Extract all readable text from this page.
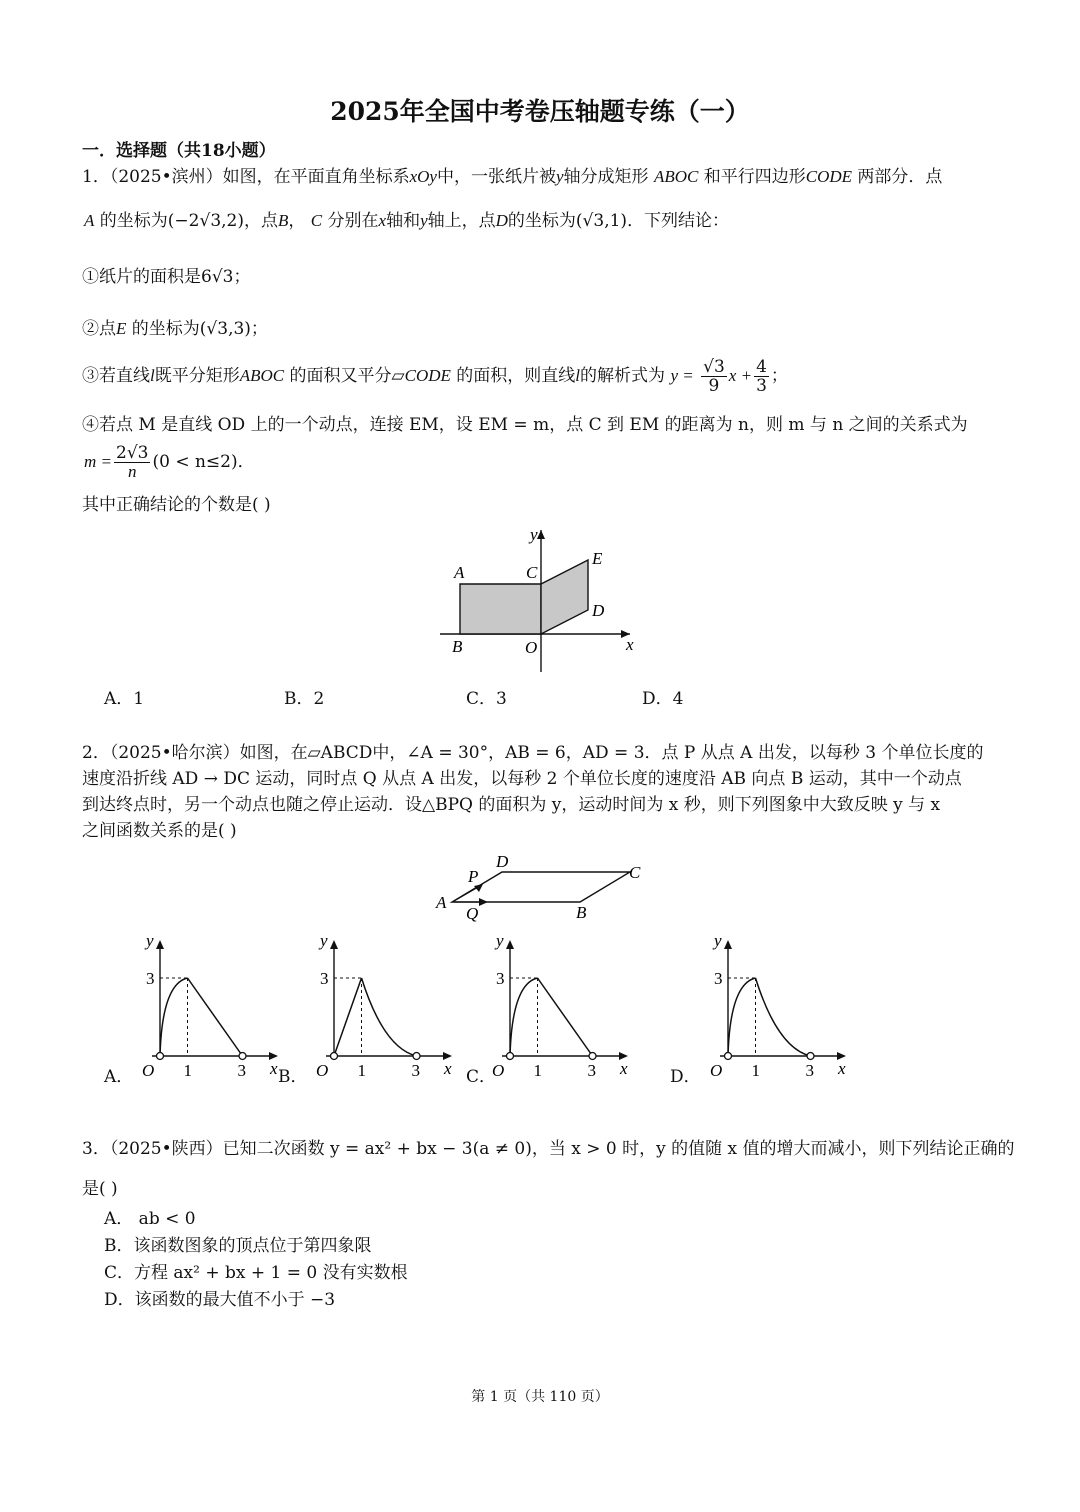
2025年全国中考卷压轴题专练（一）
一．选择题（共18小题）
1．（2025•滨州）如图，在平面直角坐标系xOy中，一张纸片被y轴分成矩形 ABOC 和平行四边形CODE 两部分．点
A 的坐标为(−2√3,2)，点B， C 分别在x轴和y轴上，点D的坐标为(√3,1)．下列结论：
①纸片的面积是6√3；
②点E 的坐标为(√3,3)；
③若直线l既平分矩形ABOC 的面积又平分▱CODE 的面积，则直线l的解析式为 $y = \frac{√3}{9}$ $x + \frac{4}{3}$ ；
④若点 M 是直线 OD 上的一个动点，连接 EM，设 EM = m，点 C 到 EM 的距离为 n，则 m 与 n 之间的关系式为
$m = \frac{2√3}{n} (0 < n\le 2)$．
其中正确结论的个数是( )
y
x
A
B
C
D
E
O
A．1	B．2	C．3	D．4
2．（2025•哈尔滨）如图，在▱ABCD中，∠A = 30°，AB = 6，AD = 3．点 P 从点 A 出发，以每秒 3 个单位长度的
速度沿折线 AD → DC 运动，同时点 Q 从点 A 出发，以每秒 2 个单位长度的速度沿 AB 向点 B 运动，其中一个动点
到达终点时，另一个动点也随之停止运动．设△BPQ 的面积为 y，运动时间为 x 秒，则下列图象中大致反映 y 与 x
之间函数关系的是( )
A
B
C
D
P
Q
y
x
O
3
1	3
A．
y
x
O
3
1	3
B．
y
x
O
3
1	3
C．
y
x
O
3
1	3
D．
3．（2025•陕西）已知二次函数 y = ax² + bx − 3(a ≠ 0)，当 x > 0 时，y 的值随 x 值的增大而减小，则下列结论正确的
是( )
A． ab < 0
B．该函数图象的顶点位于第四象限
C．方程 ax² + bx + 1 = 0 没有实数根
D．该函数的最大值不小于 −3
第 1 页（共 110 页）
